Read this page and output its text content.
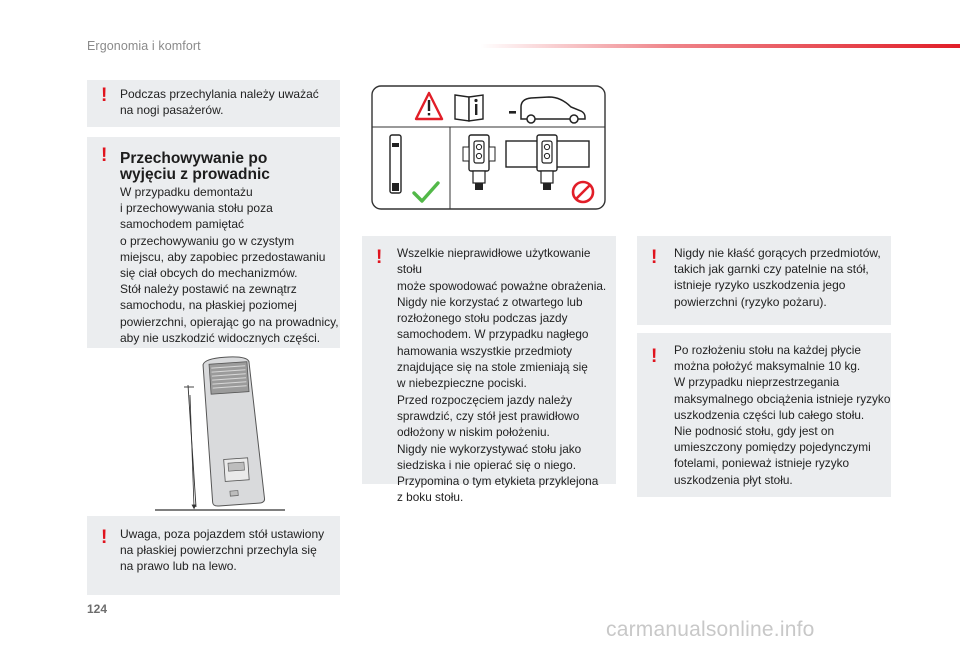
Ergonomia i komfort
! Podczas przechylania należy uważać
na nogi pasażerów.

! Przechowywanie po
wyjęciu z prowadnic

W przypadku demontażu
i przechowywania stołu poza
samochodem pamiętać
o przechowywaniu go w czystym
miejscu, aby zapobiec przedostawaniu
się ciał obcych do mechanizmów.
Stół należy postawić na zewnątrz
samochodu, na płaskiej poziomej
powierzchni, opierając go na prowadnicy,
aby nie uszkodzić widocznych części.

! Uwaga, poza pojazdem stół ustawiony
na płaskiej powierzchni przechyla się
na prawo lub na lewo.

! Wszelkie nieprawidłowe użytkowanie stołu
może spowodować poważne obrażenia.
Nigdy nie korzystać z otwartego lub
rozłożonego stołu podczas jazdy
samochodem. W przypadku nagłego
hamowania wszystkie przedmioty
znajdujące się na stole zmieniają się
w niebezpieczne pociski.
Przed rozpoczęciem jazdy należy
sprawdzić, czy stół jest prawidłowo
odłożony w niskim położeniu.
Nigdy nie wykorzystywać stołu jako
siedziska i nie opierać się o niego.
Przypomina o tym etykieta przyklejona
z boku stołu.

! Nigdy nie kłaść gorących przedmiotów,
takich jak garnki czy patelnie na stół,
istnieje ryzyko uszkodzenia jego
powierzchni (ryzyko pożaru).

! Po rozłożeniu stołu na każdej płycie
można położyć maksymalnie 10 kg.
W przypadku nieprzestrzegania
maksymalnego obciążenia istnieje ryzyko
uszkodzenia części lub całego stołu.
Nie podnosić stołu, gdy jest on
umieszczony pomiędzy pojedynczymi
fotelami, ponieważ istnieje ryzyko
uszkodzenia płyt stołu.

124
carmanualsonline.info
